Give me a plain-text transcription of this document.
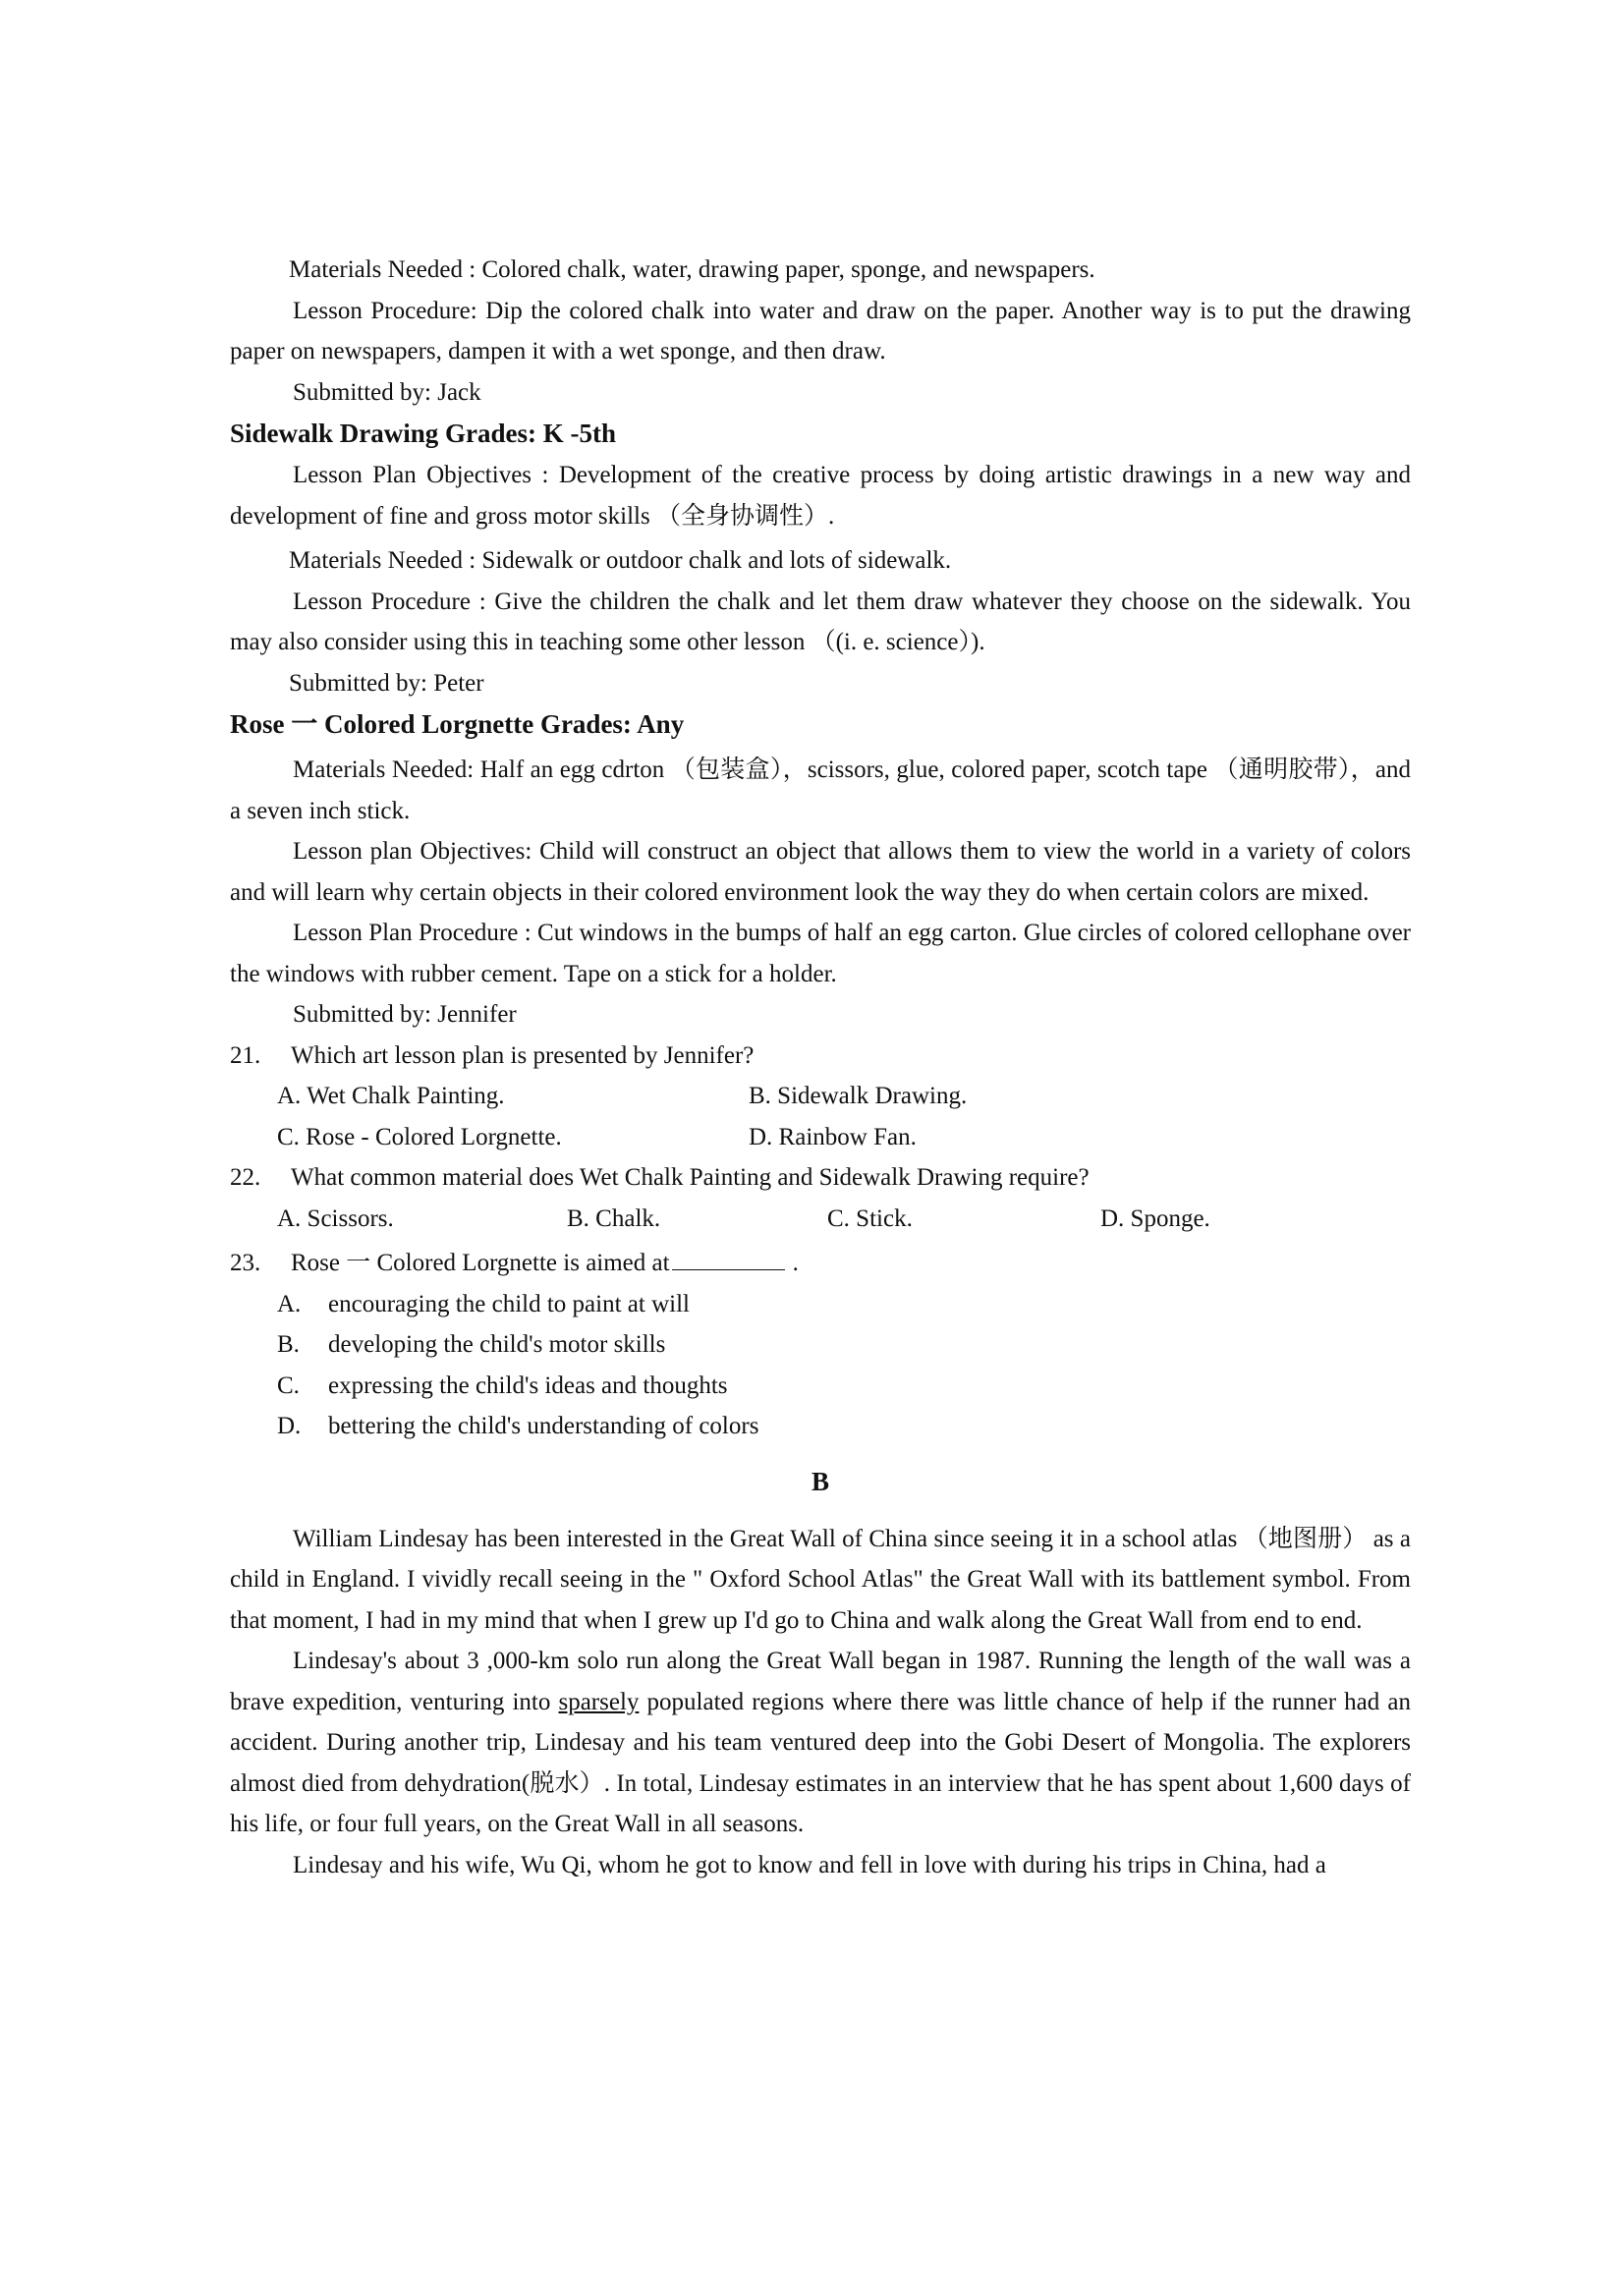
Materials Needed : Colored chalk, water, drawing paper, sponge, and newspapers.

Lesson Procedure: Dip the colored chalk into water and draw on the paper. Another way is to put the drawing paper on newspapers, dampen it with a wet sponge, and then draw.

Submitted by: Jack

Sidewalk Drawing Grades: K -5th

Lesson Plan Objectives : Development of the creative process by doing artistic drawings in a new way and development of fine and gross motor skills （全身协调性）.

Materials Needed : Sidewalk or outdoor chalk and lots of sidewalk.

Lesson Procedure : Give the children the chalk and let them draw whatever they choose on the sidewalk. You may also consider using this in teaching some other lesson （(i. e. science）).

Submitted by: Peter

Rose 一 Colored Lorgnette Grades: Any

Materials Needed: Half an egg cdrton （包装盒），scissors, glue, colored paper, scotch tape （通明胶带），and a seven inch stick.

Lesson plan Objectives: Child will construct an object that allows them to view the world in a variety of colors and will learn why certain objects in their colored environment look the way they do when certain colors are mixed.

Lesson Plan Procedure : Cut windows in the bumps of half an egg carton. Glue circles of colored cellophane over the windows with rubber cement. Tape on a stick for a holder.

Submitted by: Jennifer

21.	Which art lesson plan is presented by Jennifer?
A. Wet Chalk Painting.	B. Sidewalk Drawing.
C. Rose - Colored Lorgnette.	D. Rainbow Fan.
22.	What common material does Wet Chalk Painting and Sidewalk Drawing require?
A. Scissors.	B. Chalk.	C. Stick.	D. Sponge.
23.	Rose 一 Colored Lorgnette is aimed at	.
A.	encouraging the child to paint at will
B.	developing the child's motor skills
C.	expressing the child's ideas and thoughts
D.	bettering the child's understanding of colors
B

William Lindesay has been interested in the Great Wall of China since seeing it in a school atlas （地图册） as a child in England. I vividly recall seeing in the " Oxford School Atlas" the Great Wall with its battlement symbol. From that moment, I had in my mind that when I grew up I'd go to China and walk along the Great Wall from end to end.

Lindesay's about 3 ,000-km solo run along the Great Wall began in 1987. Running the length of the wall was a brave expedition, venturing into sparsely populated regions where there was little chance of help if the runner had an accident. During another trip, Lindesay and his team ventured deep into the Gobi Desert of Mongolia. The explorers almost died from dehydration(脱水）. In total, Lindesay estimates in an interview that he has spent about 1,600 days of his life, or four full years, on the Great Wall in all seasons.

Lindesay and his wife, Wu Qi, whom he got to know and fell in love with during his trips in China, had a
